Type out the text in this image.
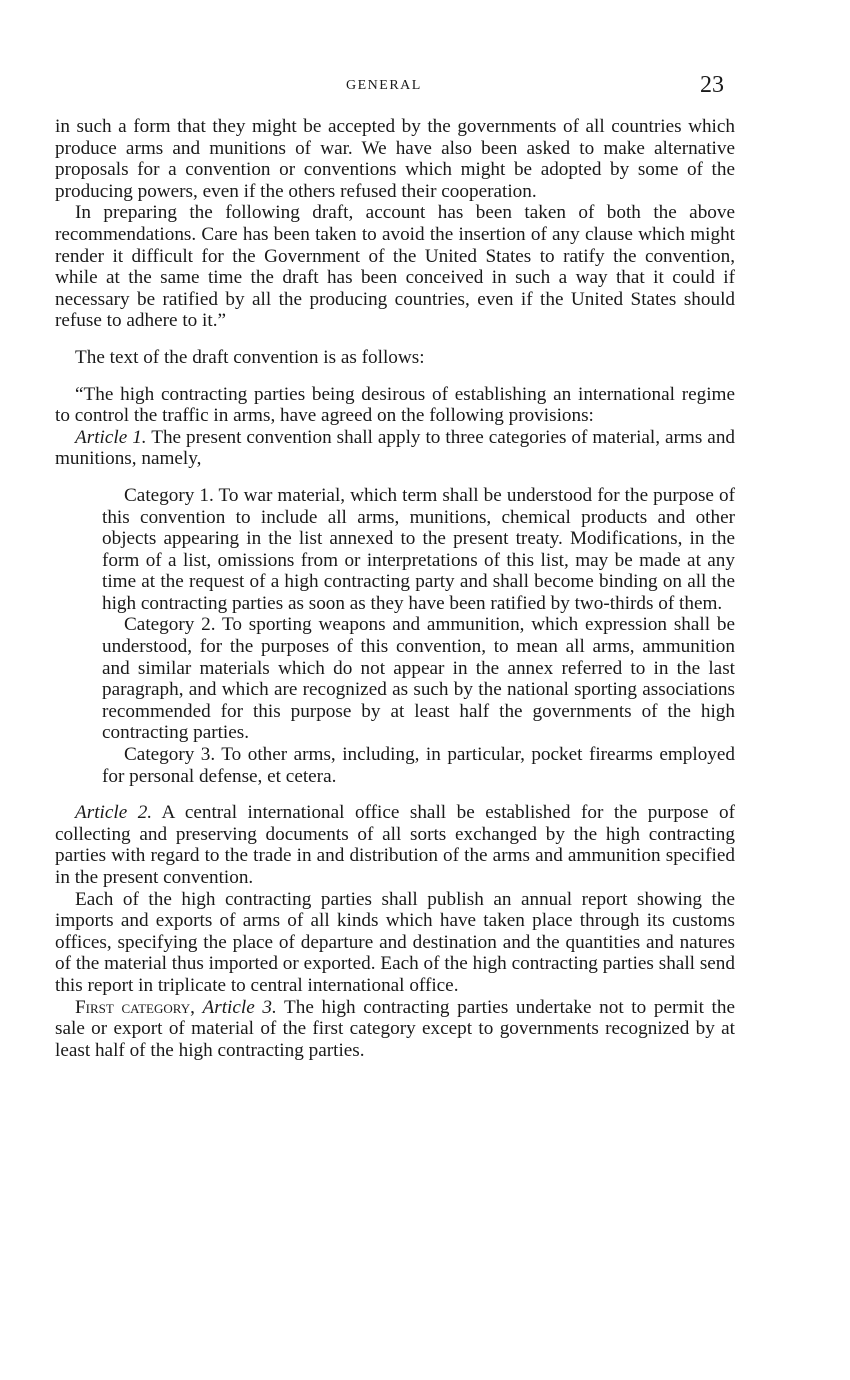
GENERAL	23

in such a form that they might be accepted by the governments of all countries which produce arms and munitions of war. We have also been asked to make alternative proposals for a convention or conventions which might be adopted by some of the producing powers, even if the others refused their cooperation.

In preparing the following draft, account has been taken of both the above recommendations. Care has been taken to avoid the insertion of any clause which might render it difficult for the Government of the United States to ratify the convention, while at the same time the draft has been conceived in such a way that it could if necessary be ratified by all the producing countries, even if the United States should refuse to adhere to it.”

The text of the draft convention is as follows:

“The high contracting parties being desirous of establishing an international regime to control the traffic in arms, have agreed on the following provisions:

Article 1. The present convention shall apply to three categories of material, arms and munitions, namely,

Category 1. To war material, which term shall be understood for the purpose of this convention to include all arms, munitions, chemical products and other objects appearing in the list annexed to the present treaty. Modifications, in the form of a list, omissions from or interpretations of this list, may be made at any time at the request of a high contracting party and shall become binding on all the high contracting parties as soon as they have been ratified by two-thirds of them.

Category 2. To sporting weapons and ammunition, which expression shall be understood, for the purposes of this convention, to mean all arms, ammunition and similar materials which do not appear in the annex referred to in the last paragraph, and which are recognized as such by the national sporting associations recommended for this purpose by at least half the governments of the high contracting parties.

Category 3. To other arms, including, in particular, pocket firearms employed for personal defense, et cetera.

Article 2. A central international office shall be established for the purpose of collecting and preserving documents of all sorts exchanged by the high contracting parties with regard to the trade in and distribution of the arms and ammunition specified in the present convention.

Each of the high contracting parties shall publish an annual report showing the imports and exports of arms of all kinds which have taken place through its customs offices, specifying the place of departure and destination and the quantities and natures of the material thus imported or exported. Each of the high contracting parties shall send this report in triplicate to central international office.

First category, Article 3. The high contracting parties undertake not to permit the sale or export of material of the first category except to governments recognized by at least half of the high contracting parties.
